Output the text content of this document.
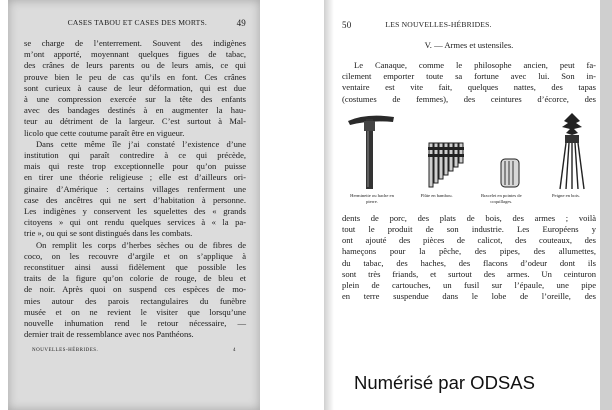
CASES TABOU ET CASES DES MORTS.	49
se charge de l’enterrement. Souvent des indigènes
m’ont apporté, moyennant quelques figues de tabac,
des crânes de leurs parents ou de leurs amis, ce qui
prouve bien le peu de cas qu’ils en font. Ces crânes
sont curieux à cause de leur déformation, qui est due
à une compression exercée sur la tête des enfants
avec des bandages destinés à en augmenter la hau-
teur au détriment de la largeur. C’est surtout à Mal-
licolo que cette coutume paraît être en vigueur.
Dans cette même île j’ai constaté l’existence d’une
institution qui paraît contredire à ce qui précède,
mais qui reste trop exceptionnelle pour qu’on puisse
en tirer une théorie religieuse ; elle est d’ailleurs ori-
ginaire d’Amérique : certains villages renferment une
case des ancêtres qui ne sert d’habitation à personne.
Les indigènes y conservent les squelettes des « grands
citoyens » qui ont rendu quelques services à « la pa-
trie », ou qui se sont distingués dans les combats.
On remplit les corps d’herbes sèches ou de fibres de
coco, on les recouvre d’argile et on s’applique à
reconstituer ainsi aussi fidèlement que possible les
traits de la figure qu’on colorie de rouge, de bleu et
de noir. Après quoi on suspend ces espèces de mo-
mies autour des parois rectangulaires du funèbre
musée et on ne revient le visiter que lorsqu’une
nouvelle inhumation rend le retour nécessaire, —
dernier trait de ressemblance avec nos Panthéons.
NOUVELLES-HÉBRIDES.	4
50	LES NOUVELLES-HÉBRIDES.
V. — Armes et ustensiles.
Le Canaque, comme le philosophe ancien, peut fa-
cilement emporter toute sa fortune avec lui. Son in-
ventaire est vite fait, quelques nattes, des tapas
(costumes de femmes), des ceintures d’écorce, des
Herminette ou hache en pierre.
Flûte en bambou.	Bracelet en pointes de coquillages.
Peigne en bois.
dents de porc, des plats de bois, des armes ; voilà
tout le produit de son industrie. Les Européens y
ont ajouté des pièces de calicot, des couteaux, des
hameçons pour la pêche, des pipes, des allumettes,
du tabac, des haches, des flacons d’odeur dont ils
sont très friands, et surtout des armes. Un ceinturon
plein de cartouches, un fusil sur l’épaule, une pipe
en terre suspendue dans le lobe de l’oreille, des
Numérisé par ODSAS
